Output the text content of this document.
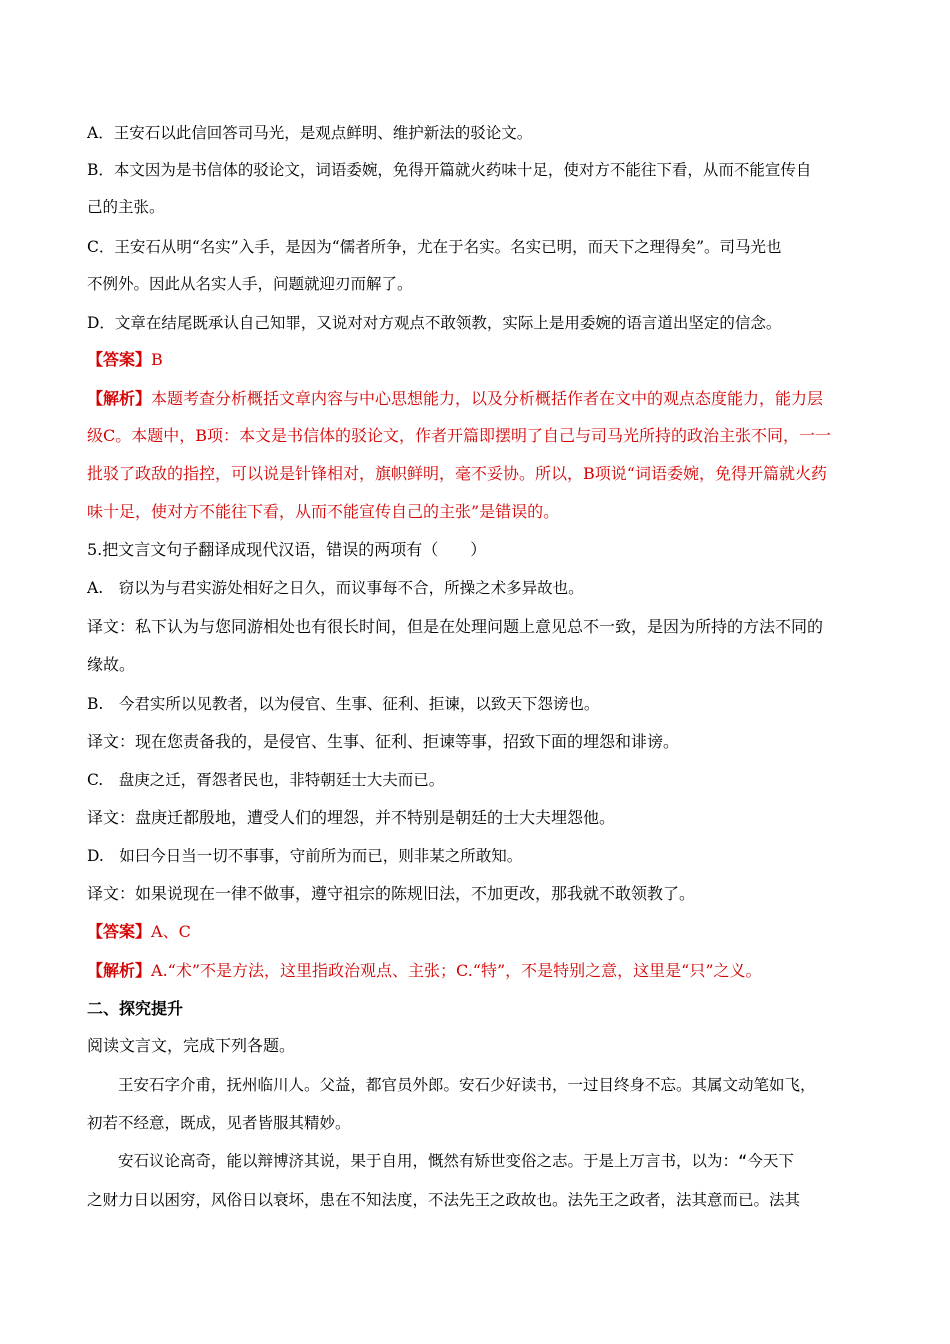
A．王安石以此信回答司马光，是观点鲜明、维护新法的驳论文。
B．本文因为是书信体的驳论文，词语委婉，免得开篇就火药味十足，使对方不能往下看，从而不能宣传自
己的主张。
C．王安石从明“名实”入手，是因为“儒者所争，尤在于名实。名实已明，而天下之理得矣”。司马光也
不例外。因此从名实人手，问题就迎刃而解了。
D．文章在结尾既承认自己知罪，又说对对方观点不敢领教，实际上是用委婉的语言道出坚定的信念。
【答案】B
【解析】本题考查分析概括文章内容与中心思想能力，以及分析概括作者在文中的观点态度能力，能力层
级C。本题中，B项：本文是书信体的驳论文，作者开篇即摆明了自己与司马光所持的政治主张不同，一一
批驳了政敌的指控，可以说是针锋相对，旗帜鲜明，毫不妥协。所以，B项说“词语委婉，免得开篇就火药
味十足，使对方不能往下看，从而不能宣传自己的主张”是错误的。
5.把文言文句子翻译成现代汉语，错误的两项有（　　）
A.　窃以为与君实游处相好之日久，而议事每不合，所操之术多异故也。
译文：私下认为与您同游相处也有很长时间，但是在处理问题上意见总不一致，是因为所持的方法不同的
缘故。
B.　今君实所以见教者，以为侵官、生事、征利、拒谏，以致天下怨谤也。
译文：现在您责备我的，是侵官、生事、征利、拒谏等事，招致下面的埋怨和诽谤。
C.　盘庚之迁，胥怨者民也，非特朝廷士大夫而已。
译文：盘庚迁都殷地，遭受人们的埋怨，并不特别是朝廷的士大夫埋怨他。
D.　如曰今日当一切不事事，守前所为而已，则非某之所敢知。
译文：如果说现在一律不做事，遵守祖宗的陈规旧法，不加更改，那我就不敢领教了。
【答案】A、C
【解析】A.“术”不是方法，这里指政治观点、主张；C.“特”，不是特别之意，这里是“只”之义。
二、探究提升
阅读文言文，完成下列各题。
王安石字介甫，抚州临川人。父益，都官员外郎。安石少好读书，一过目终身不忘。其属文动笔如飞，
初若不经意，既成，见者皆服其精妙。
安石议论高奇，能以辩博济其说，果于自用，慨然有矫世变俗之志。于是上万言书，以为：“今天下
之财力日以困穷，风俗日以衰坏，患在不知法度，不法先王之政故也。法先王之政者，法其意而已。法其
